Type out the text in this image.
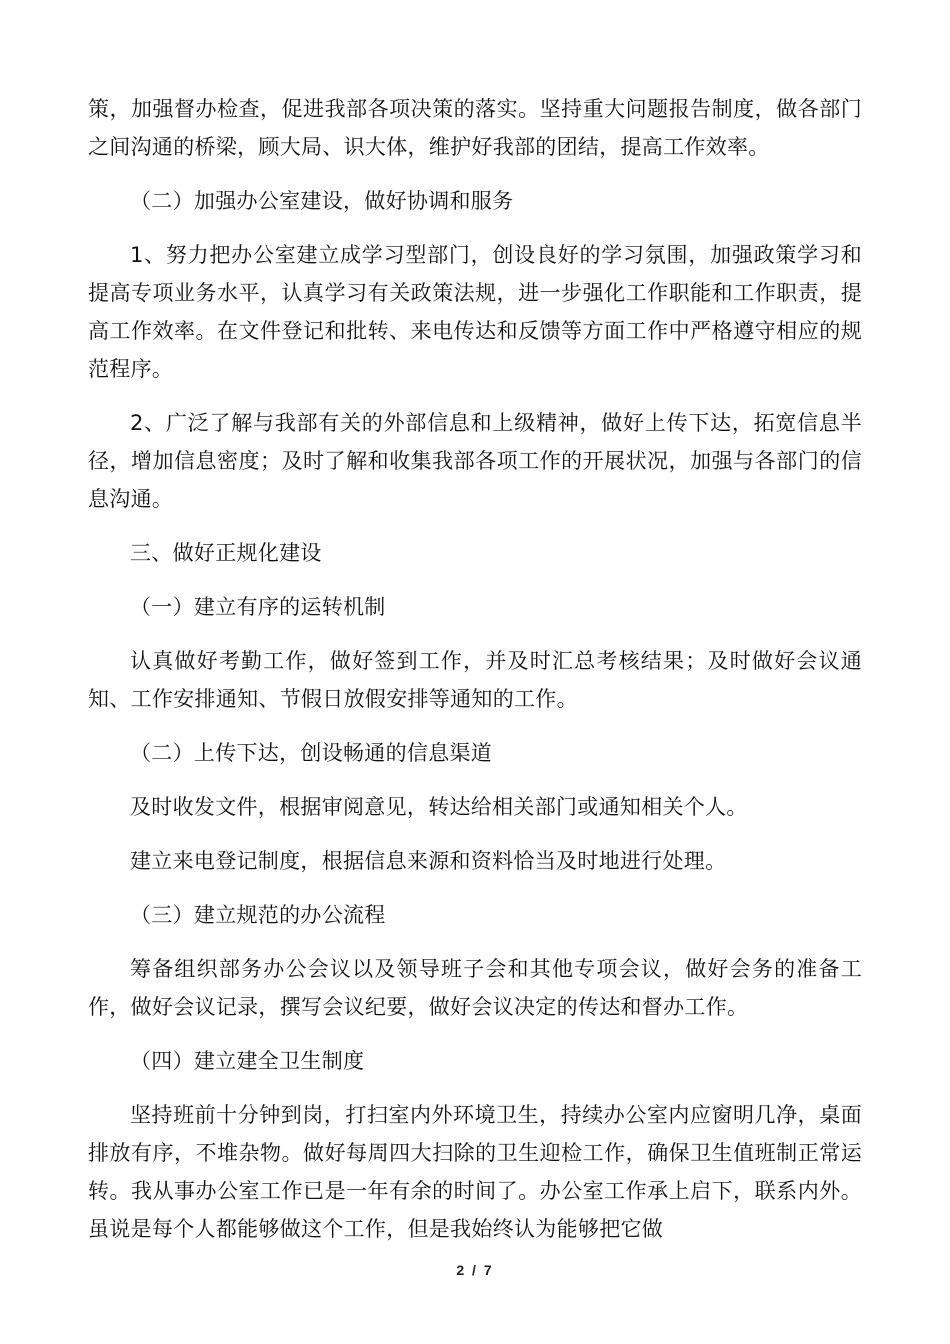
策，加强督办检查，促进我部各项决策的落实。坚持重大问题报告制度，做各部门之间沟通的桥梁，顾大局、识大体，维护好我部的团结，提高工作效率。

（二）加强办公室建设，做好协调和服务

1、努力把办公室建立成学习型部门，创设良好的学习氛围，加强政策学习和提高专项业务水平，认真学习有关政策法规，进一步强化工作职能和工作职责，提高工作效率。在文件登记和批转、来电传达和反馈等方面工作中严格遵守相应的规范程序。

2、广泛了解与我部有关的外部信息和上级精神，做好上传下达，拓宽信息半径，增加信息密度；及时了解和收集我部各项工作的开展状况，加强与各部门的信息沟通。

三、做好正规化建设

（一）建立有序的运转机制

认真做好考勤工作，做好签到工作，并及时汇总考核结果；及时做好会议通知、工作安排通知、节假日放假安排等通知的工作。

（二）上传下达，创设畅通的信息渠道

及时收发文件，根据审阅意见，转达给相关部门或通知相关个人。

建立来电登记制度，根据信息来源和资料恰当及时地进行处理。

（三）建立规范的办公流程

筹备组织部务办公会议以及领导班子会和其他专项会议，做好会务的准备工作，做好会议记录，撰写会议纪要，做好会议决定的传达和督办工作。

（四）建立建全卫生制度

坚持班前十分钟到岗，打扫室内外环境卫生，持续办公室内应窗明几净，桌面排放有序，不堆杂物。做好每周四大扫除的卫生迎检工作，确保卫生值班制正常运转。我从事办公室工作已是一年有余的时间了。办公室工作承上启下，联系内外。虽说是每个人都能够做这个工作，但是我始终认为能够把它做

2 / 7
